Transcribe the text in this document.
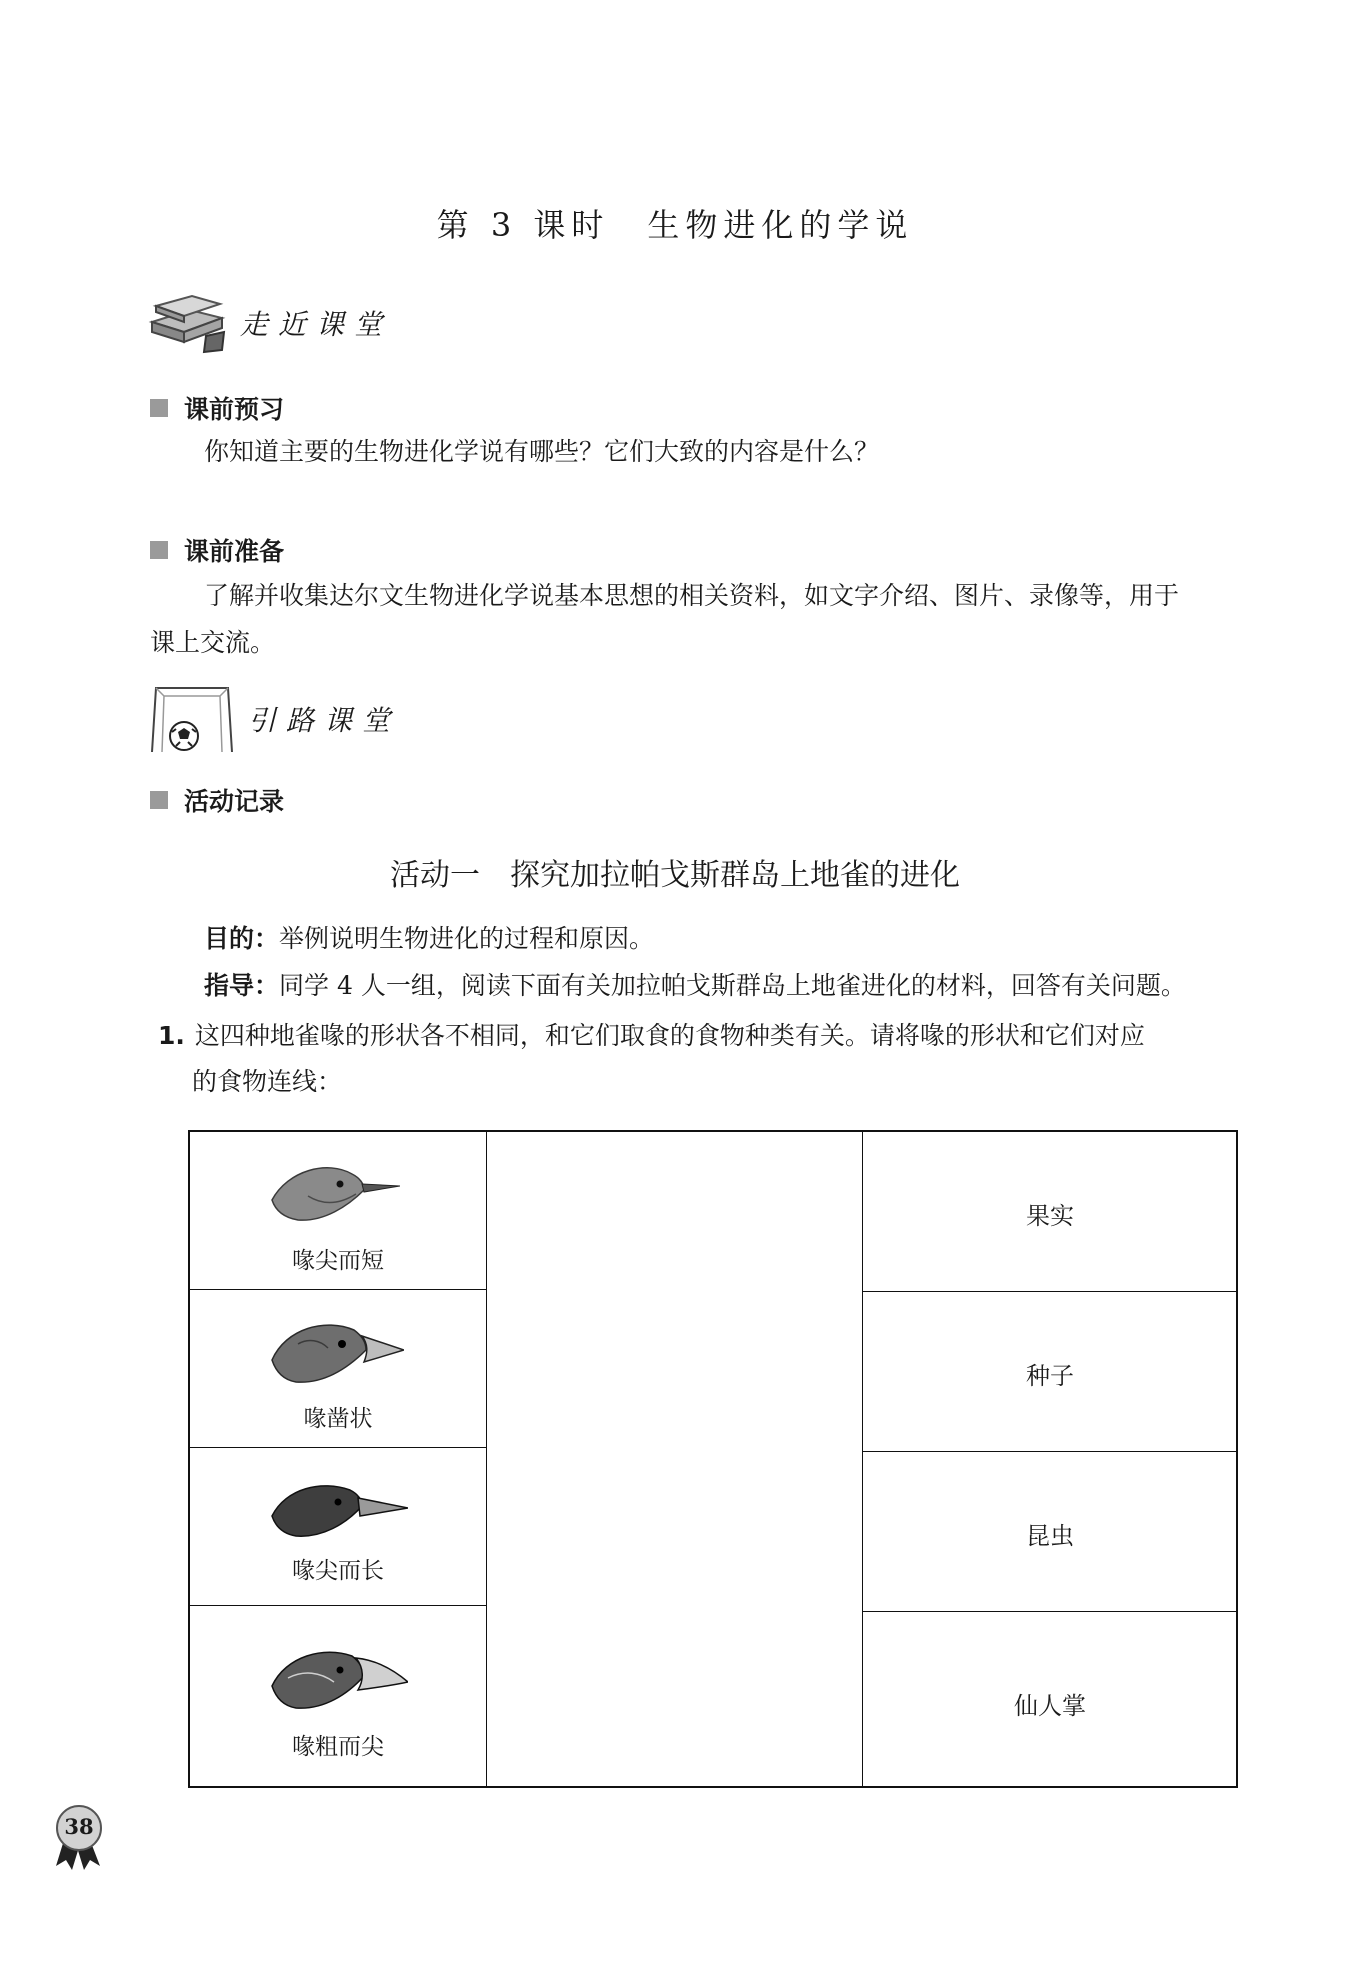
第 3 课时　生物进化的学说
走近课堂
课前预习
你知道主要的生物进化学说有哪些？它们大致的内容是什么？
课前准备
了解并收集达尔文生物进化学说基本思想的相关资料，如文字介绍、图片、录像等，用于
课上交流。
引路课堂
活动记录
活动一　探究加拉帕戈斯群岛上地雀的进化
目的：举例说明生物进化的过程和原因。
指导：同学 4 人一组，阅读下面有关加拉帕戈斯群岛上地雀进化的材料，回答有关问题。
1. 这四种地雀喙的形状各不相同，和它们取食的食物种类有关。请将喙的形状和它们对应
的食物连线：
喙尖而短
喙凿状
喙尖而长
喙粗而尖
果实
种子
昆虫
仙人掌
38
